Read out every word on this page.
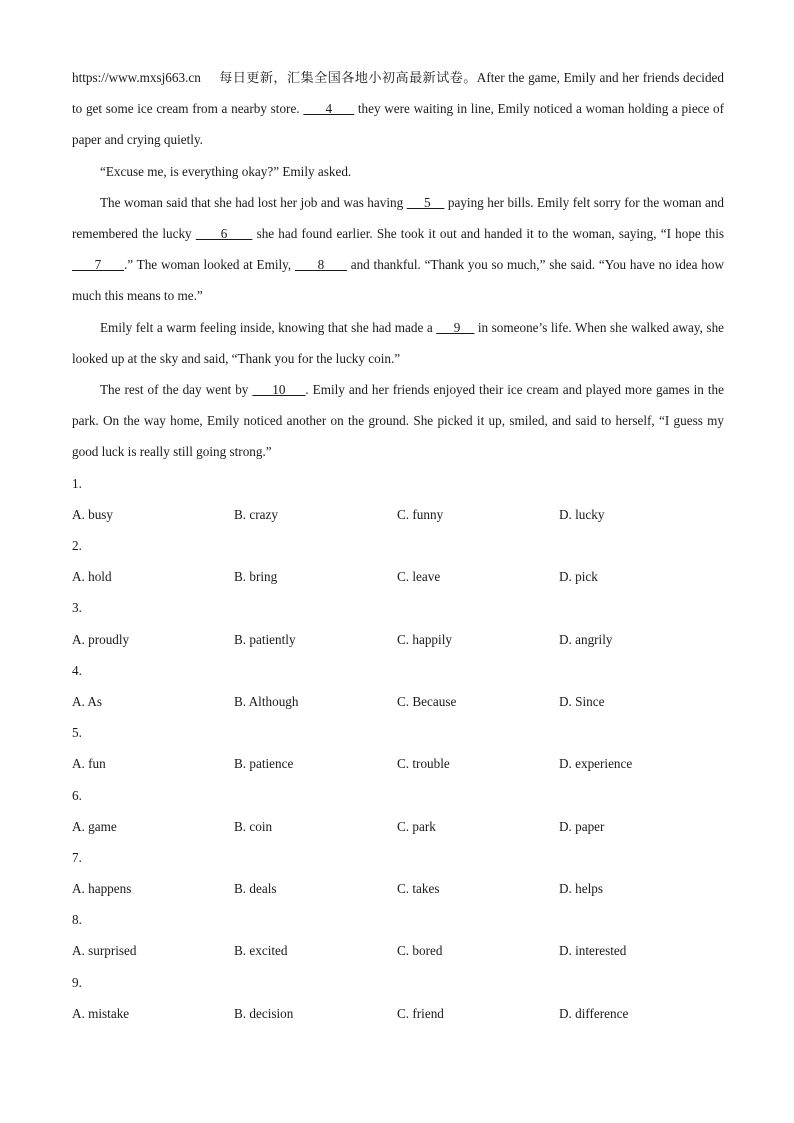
https://www.mxsj663.cn 每日更新，汇集全国各地小初高最新试卷。After the game, Emily and her friends decided to get some ice cream from a nearby store.       4       they were waiting in line, Emily noticed a woman holding a piece of paper and crying quietly.

“Excuse me, is everything okay?” Emily asked.

The woman said that she had lost her job and was having      5     paying her bills. Emily felt sorry for the woman and remembered the lucky       6       she had found earlier. She took it out and handed it to the woman, saying, “I hope this       7      .” The woman looked at Emily,       8       and thankful. “Thank you so much,” she said. “You have no idea how much this means to me.”

Emily felt a warm feeling inside, knowing that she had made a      9     in someone’s life. When she walked away, she looked up at the sky and said, “Thank you for the lucky coin.”

The rest of the day went by      10     . Emily and her friends enjoyed their ice cream and played more games in the park. On the way home, Emily noticed another on the ground. She picked it up, smiled, and said to herself, “I guess my good luck is really still going strong.”

1.
A. busy	B. crazy	C. funny	D. lucky
2.
A. hold	B. bring	C. leave	D. pick
3.
A. proudly	B. patiently	C. happily	D. angrily
4.
A. As	B. Although	C. Because	D. Since
5.
A. fun	B. patience	C. trouble	D. experience
6.
A. game	B. coin	C. park	D. paper
7.
A. happens	B. deals	C. takes	D. helps
8.
A. surprised	B. excited	C. bored	D. interested
9.
A. mistake	B. decision	C. friend	D. difference
